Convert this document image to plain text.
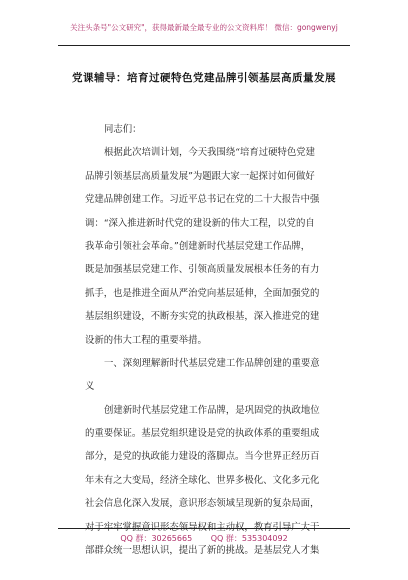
关注头条号"公文研究"，获得最新最全最专业的公文资料库！ 微信：gongwenyj
党课辅导：培育过硬特色党建品牌引领基层高质量发展
同志们：
根据此次培训计划，今天我围绕“培育过硬特色党建
品牌引领基层高质量发展”为题跟大家一起探讨如何做好
党建品牌创建工作。习近平总书记在党的二十大报告中强
调：“深入推进新时代党的建设新的伟大工程，以党的自
我革命引领社会革命。”创建新时代基层党建工作品牌，
既是加强基层党建工作、引领高质量发展根本任务的有力
抓手，也是推进全面从严治党向基层延伸，全面加强党的
基层组织建设，不断夯实党的执政根基，深入推进党的建
设新的伟大工程的重要举措。
一、深刻理解新时代基层党建工作品牌创建的重要意
义
创建新时代基层党建工作品牌，是巩固党的执政地位
的重要保证。基层党组织建设是党的执政体系的重要组成
部分，是党的执政能力建设的落脚点。当今世界正经历百
年未有之大变局，经济全球化、世界多极化、文化多元化
社会信息化深入发展，意识形态领域呈现新的复杂局面，
对于牢牢掌握意识形态领导权和主动权，教育引导广大干
部群众统一思想认识，提出了新的挑战。是基层党人才集
QQ 群：30265665 QQ 群：535304092
